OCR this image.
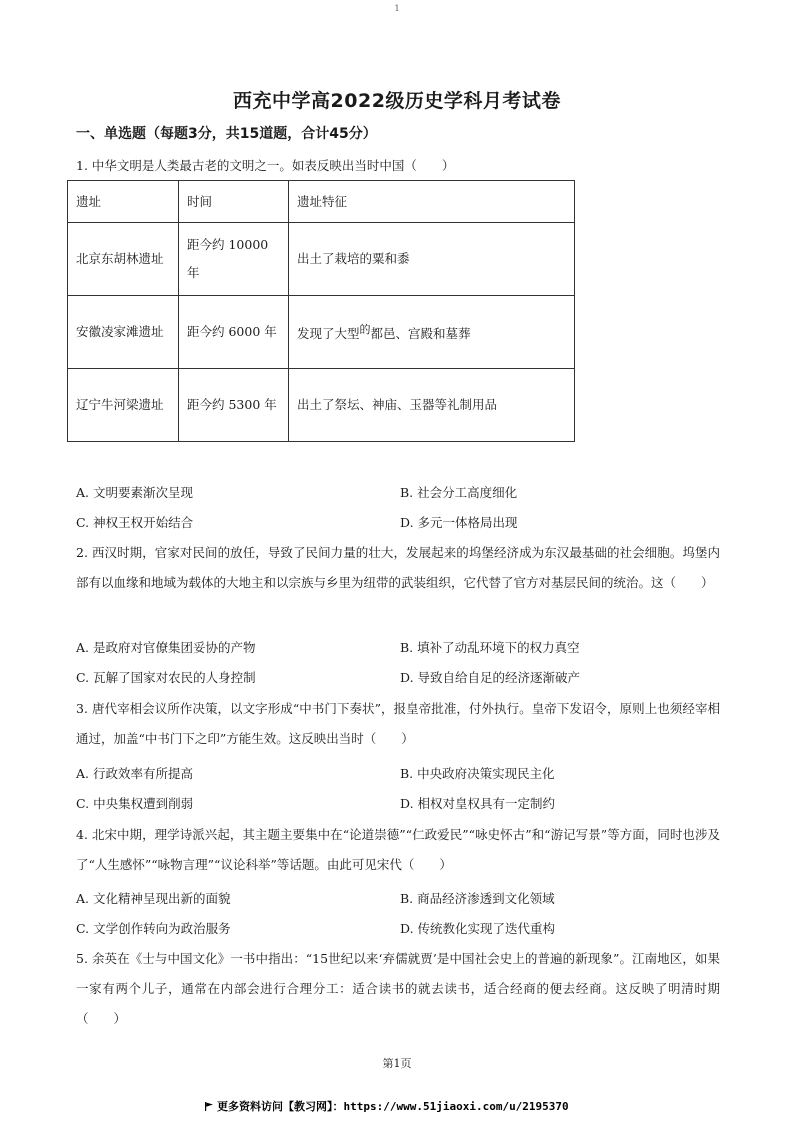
1
西充中学高2022级历史学科月考试卷
一、单选题（每题3分，共15道题，合计45分）
1. 中华文明是人类最古老的文明之一。如表反映出当时中国（　　）
遗址	时间	遗址特征
北京东胡林遗址	距今约 10000 年	出土了栽培的粟和黍
安徽凌家滩遗址	距今约 6000 年	发现了大型$^的$都邑、宫殿和墓葬
辽宁牛河梁遗址	距今约 5300 年	出土了祭坛、神庙、玉器等礼制用品
A. 文明要素渐次呈现	B. 社会分工高度细化
C. 神权王权开始结合	D. 多元一体格局出现
2. 西汉时期，官家对民间的放任，导致了民间力量的壮大，发展起来的坞堡经济成为东汉最基础的社会细胞。坞堡内部有以血缘和地域为载体的大地主和以宗族与乡里为纽带的武装组织，它代替了官方对基层民间的统治。这（　　）
A. 是政府对官僚集团妥协的产物	B. 填补了动乱环境下的权力真空
C. 瓦解了国家对农民的人身控制	D. 导致自给自足的经济逐渐破产
3. 唐代宰相会议所作决策，以文字形成“中书门下奏状”，报皇帝批准，付外执行。皇帝下发诏令，原则上也须经宰相通过，加盖“中书门下之印”方能生效。这反映出当时（　　）
A. 行政效率有所提高	B. 中央政府决策实现民主化
C. 中央集权遭到削弱	D. 相权对皇权具有一定制约
4. 北宋中期，理学诗派兴起，其主题主要集中在“论道崇德”“仁政爱民”“咏史怀古”和“游记写景”等方面，同时也涉及了“人生感怀”“咏物言理”“议论科举”等话题。由此可见宋代（　　）
A. 文化精神呈现出新的面貌	B. 商品经济渗透到文化领域
C. 文学创作转向为政治服务	D. 传统教化实现了迭代重构
5. 余英在《士与中国文化》一书中指出：“15世纪以来‘弃儒就贾’是中国社会史上的普遍的新现象”。江南地区，如果一家有两个儿子，通常在内部会进行合理分工：适合读书的就去读书，适合经商的便去经商。这反映了明清时期（　　）
第1页
更多资料访问【教习网】：https://www.51jiaoxi.com/u/2195370
